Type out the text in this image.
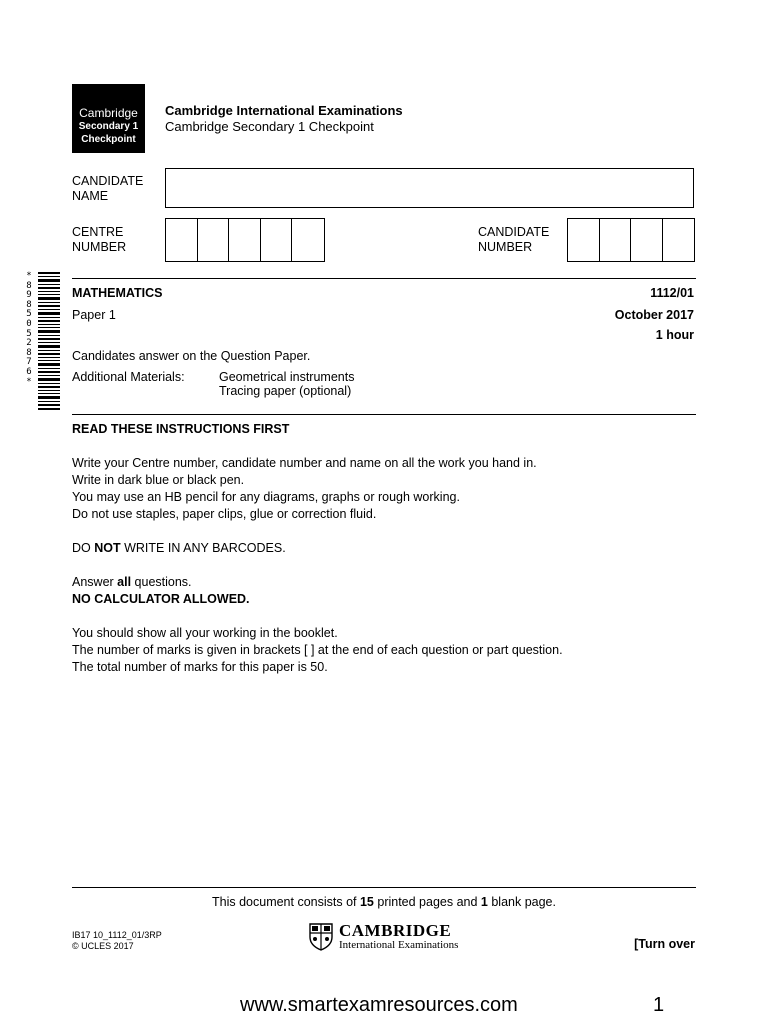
Cambridge
Secondary 1
Checkpoint
Cambridge International Examinations
Cambridge Secondary 1 Checkpoint
CANDIDATE
NAME
CENTRE
NUMBER
CANDIDATE
NUMBER
*8985052876*
MATHEMATICS	1112/01
Paper 1	October 2017
1 hour
Candidates answer on the Question Paper.
Additional Materials:	Geometrical instruments
Tracing paper (optional)
READ THESE INSTRUCTIONS FIRST

Write your Centre number, candidate number and name on all the work you hand in.

Write in dark blue or black pen.

You may use an HB pencil for any diagrams, graphs or rough working.

Do not use staples, paper clips, glue or correction fluid.

DO NOT WRITE IN ANY BARCODES.

Answer all questions.

NO CALCULATOR ALLOWED.

You should show all your working in the booklet.

The number of marks is given in brackets [ ] at the end of each question or part question.

The total number of marks for this paper is 50.

This document consists of 15 printed pages and 1 blank page.
IB17 10_1112_01/3RP
© UCLES 2017
CAMBRIDGE
International Examinations	[Turn over
www.smartexamresources.com	1
